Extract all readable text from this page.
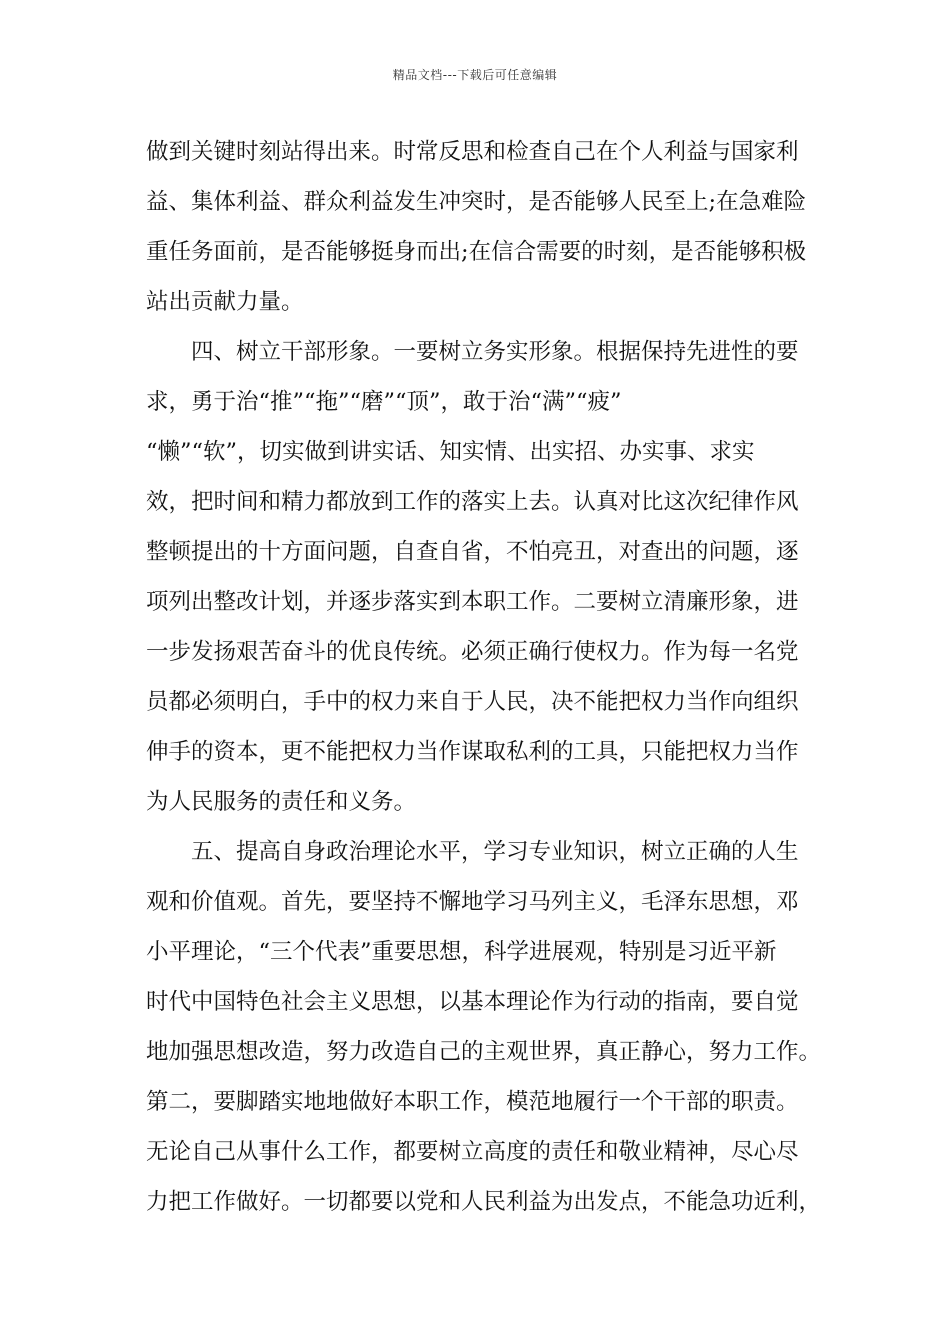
精品文档---下载后可任意编辑
做到关键时刻站得出来。时常反思和检查自己在个人利益与国家利
益、集体利益、群众利益发生冲突时，是否能够人民至上;在急难险
重任务面前，是否能够挺身而出;在信合需要的时刻，是否能够积极
站出贡献力量。
四、树立干部形象。一要树立务实形象。根据保持先进性的要
求，勇于治“推”“拖”“磨”“顶”，敢于治“满”“疲”
“懒”“软”，切实做到讲实话、知实情、出实招、办实事、求实
效，把时间和精力都放到工作的落实上去。认真对比这次纪律作风
整顿提出的十方面问题，自查自省，不怕亮丑，对查出的问题，逐
项列出整改计划，并逐步落实到本职工作。二要树立清廉形象，进
一步发扬艰苦奋斗的优良传统。必须正确行使权力。作为每一名党
员都必须明白，手中的权力来自于人民，决不能把权力当作向组织
伸手的资本，更不能把权力当作谋取私利的工具，只能把权力当作
为人民服务的责任和义务。
五、提高自身政治理论水平，学习专业知识，树立正确的人生
观和价值观。首先，要坚持不懈地学习马列主义，毛泽东思想，邓
小平理论，“三个代表”重要思想，科学进展观，特别是习近平新
时代中国特色社会主义思想，以基本理论作为行动的指南，要自觉
地加强思想改造，努力改造自己的主观世界，真正静心，努力工作。
第二，要脚踏实地地做好本职工作，模范地履行一个干部的职责。
无论自己从事什么工作，都要树立高度的责任和敬业精神，尽心尽
力把工作做好。一切都要以党和人民利益为出发点，不能急功近利，
